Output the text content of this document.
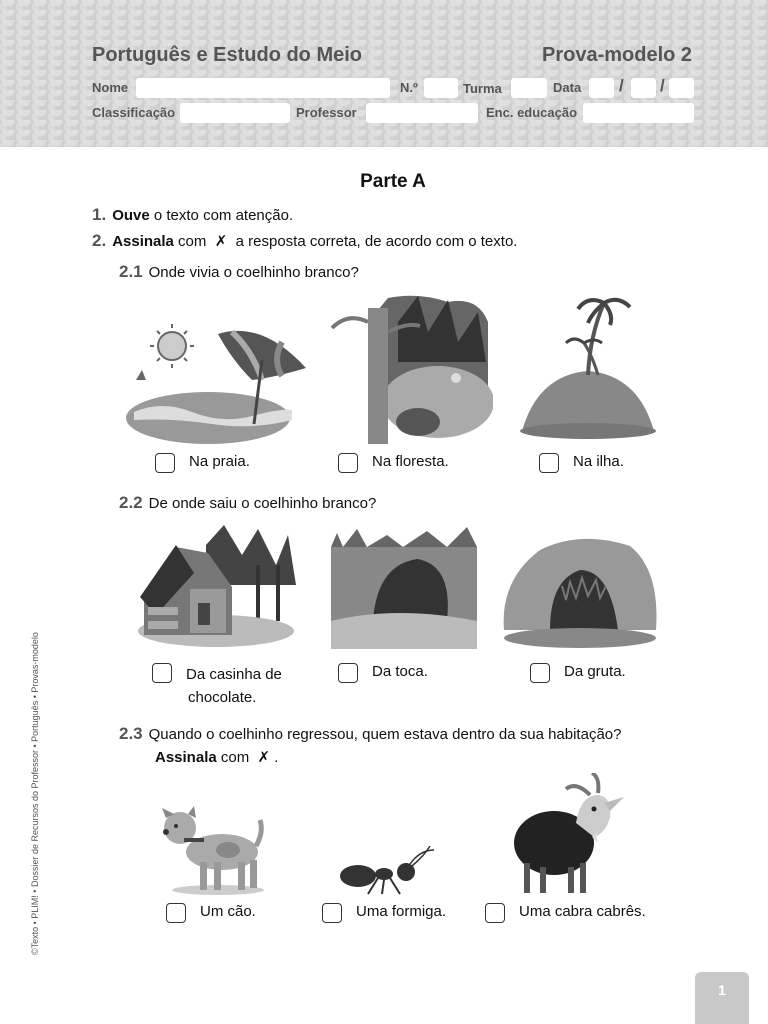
Português e Estudo do Meio	Prova-modelo 2
Nome	N.º	Turma	Data / /
Classificação	Professor	Enc. educação
Parte A
1. Ouve o texto com atenção.
2. Assinala com  ✗  a resposta correta, de acordo com o texto.
2.1 Onde vivia o coelhinho branco?
Na praia.	Na floresta.	Na ilha.
2.2 De onde saiu o coelhinho branco?
Da casinha de
chocolate.
Da toca.	Da gruta.
2.3 Quando o coelhinho regressou, quem estava dentro da sua habitação?
Assinala com  ✗ .
Um cão.	Uma formiga.	Uma cabra cabrês.
©Texto • PLIM! • Dossier de Recursos do Professor • Português • Provas-modelo
1
